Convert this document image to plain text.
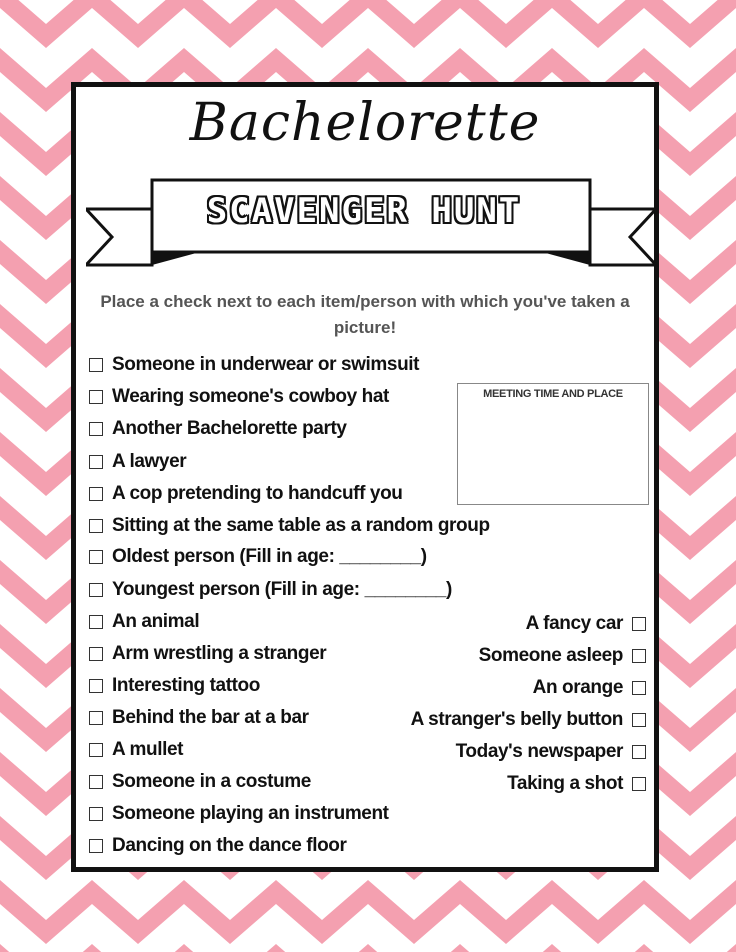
Bachelorette
SCAVENGER HUNT
Place a check next to each item/person with which you've taken a picture!
MEETING TIME AND PLACE
Someone in underwear or swimsuit
Wearing someone's cowboy hat
Another Bachelorette party
A lawyer
A cop pretending to handcuff you
Sitting at the same table as a random group
Oldest person (Fill in age: ________)
Youngest person (Fill in age: ________)
An animal
Arm wrestling a stranger
Interesting tattoo
Behind the bar at a bar
A mullet
Someone in a costume
Someone playing an instrument
Dancing on the dance floor
A fancy car
Someone asleep
An orange
A stranger's belly button
Today's newspaper
Taking a shot
